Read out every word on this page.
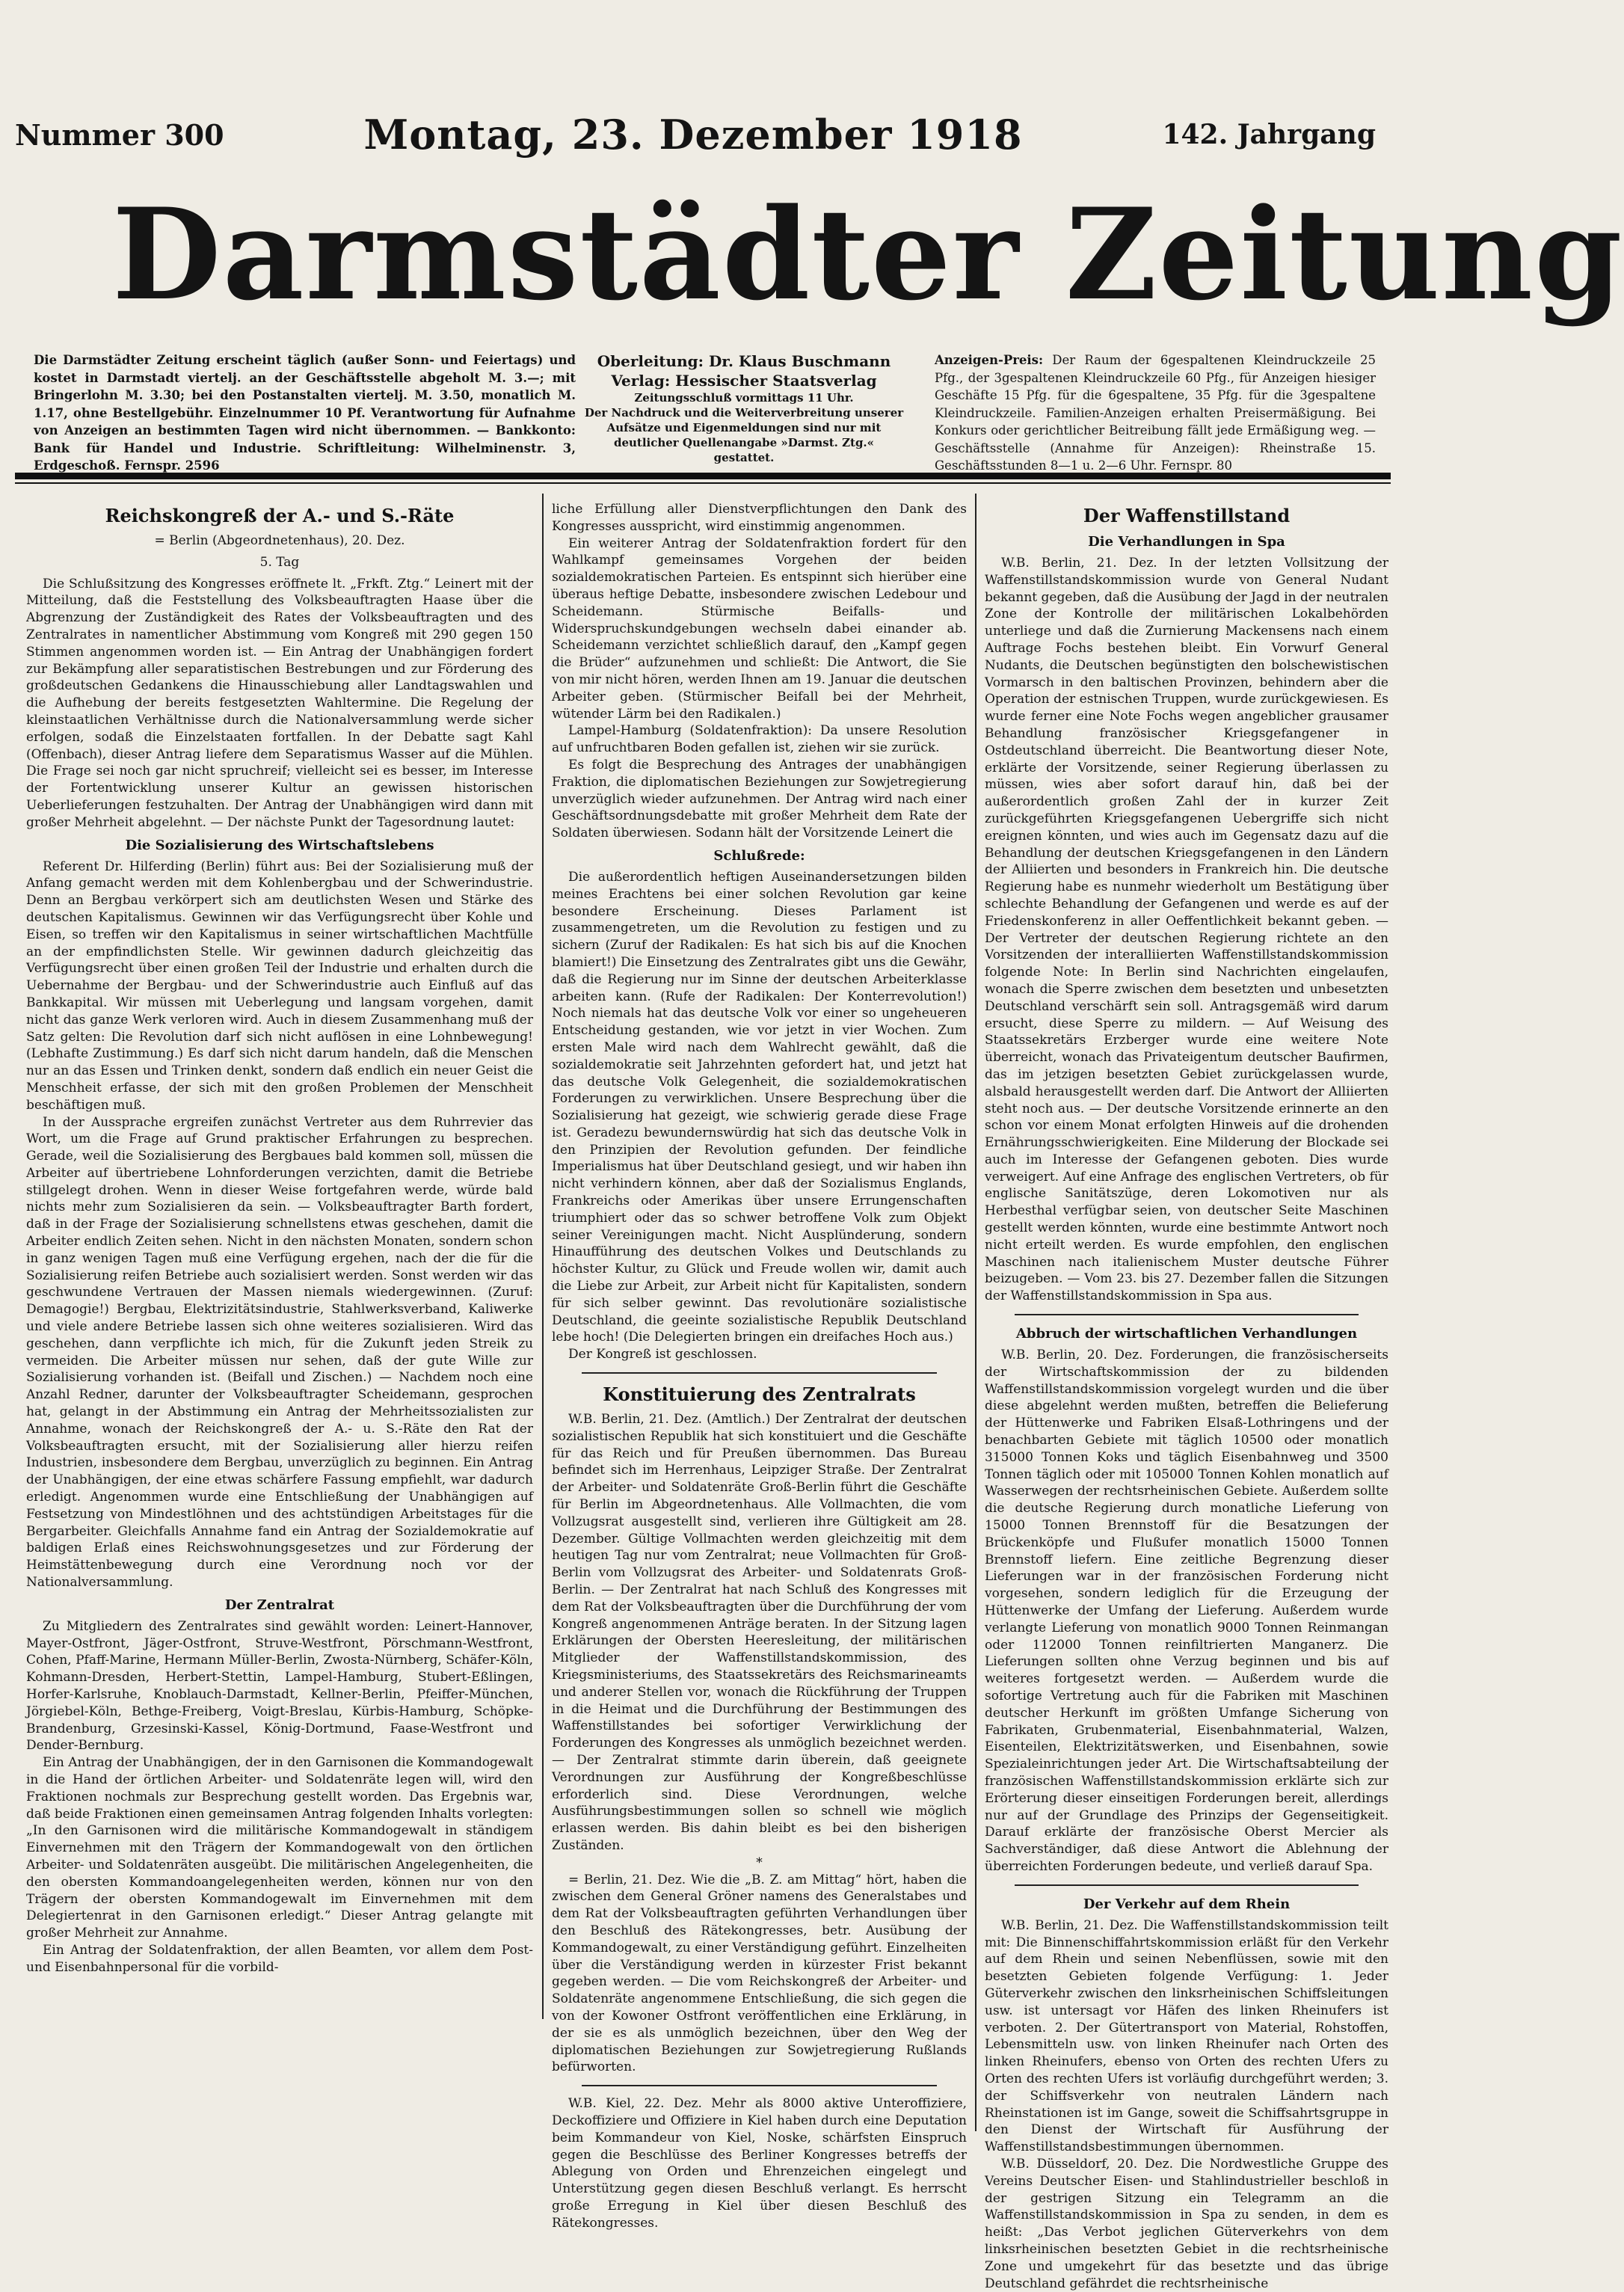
Nummer 300	Montag, 23. Dezember 1918	142. Jahrgang
Darmstädter Zeitung
Die Darmstädter Zeitung erscheint täglich (außer Sonn- und Feiertags) und kostet in Darmstadt viertelj. an der Geschäftsstelle abgeholt M. 3.—; mit Bringerlohn M. 3.30; bei den Postanstalten viertelj. M. 3.50, monatlich M. 1.17, ohne Bestellgebühr. Einzelnummer 10 Pf. Verantwortung für Aufnahme von Anzeigen an bestimmten Tagen wird nicht übernommen. — Bankkonto: Bank für Handel und Industrie. Schriftleitung: Wilhelminenstr. 3, Erdgeschoß. Fernspr. 2596
Oberleitung: Dr. Klaus Buschmann
Verlag: Hessischer Staatsverlag
Zeitungsschluß vormittags 11 Uhr.
Der Nachdruck und die Weiterverbreitung unserer Aufsätze und Eigenmeldungen sind nur mit deutlicher Quellenangabe »Darmst. Ztg.« gestattet.
Anzeigen-Preis: Der Raum der 6gespaltenen Kleindruckzeile 25 Pfg., der 3gespaltenen Kleindruckzeile 60 Pfg., für Anzeigen hiesiger Geschäfte 15 Pfg. für die 6gespaltene, 35 Pfg. für die 3gespaltene Kleindruckzeile. Familien-Anzeigen erhalten Preisermäßigung. Bei Konkurs oder gerichtlicher Beitreibung fällt jede Ermäßigung weg. — Geschäftsstelle (Annahme für Anzeigen): Rheinstraße 15. Geschäftsstunden 8—1 u. 2—6 Uhr. Fernspr. 80
Reichskongreß der A.- und S.-Räte
= Berlin (Abgeordnetenhaus), 20. Dez.
5. Tag

Die Schlußsitzung des Kongresses eröffnete lt. „Frkft. Ztg.“ Leinert mit der Mitteilung, daß die Feststellung des Volksbeauftragten Haase über die Abgrenzung der Zuständigkeit des Rates der Volksbeauftragten und des Zentralrates in namentlicher Abstimmung vom Kongreß mit 290 gegen 150 Stimmen angenommen worden ist. — Ein Antrag der Unabhängigen fordert zur Bekämpfung aller separatistischen Bestrebungen und zur Förderung des großdeutschen Gedankens die Hinausschiebung aller Landtagswahlen und die Aufhebung der bereits festgesetzten Wahltermine. Die Regelung der kleinstaatlichen Verhältnisse durch die Nationalversammlung werde sicher erfolgen, sodaß die Einzelstaaten fortfallen. In der Debatte sagt Kahl (Offenbach), dieser Antrag liefere dem Separatismus Wasser auf die Mühlen. Die Frage sei noch gar nicht spruchreif; vielleicht sei es besser, im Interesse der Fortentwicklung unserer Kultur an gewissen historischen Ueberlieferungen festzuhalten. Der Antrag der Unabhängigen wird dann mit großer Mehrheit abgelehnt. — Der nächste Punkt der Tagesordnung lautet:

Die Sozialisierung des Wirtschaftslebens

Referent Dr. Hilferding (Berlin) führt aus: Bei der Sozialisierung muß der Anfang gemacht werden mit dem Kohlenbergbau und der Schwerindustrie. Denn an Bergbau verkörpert sich am deutlichsten Wesen und Stärke des deutschen Kapitalismus. Gewinnen wir das Verfügungsrecht über Kohle und Eisen, so treffen wir den Kapitalismus in seiner wirtschaftlichen Machtfülle an der empfindlichsten Stelle. Wir gewinnen dadurch gleichzeitig das Verfügungsrecht über einen großen Teil der Industrie und erhalten durch die Uebernahme der Bergbau- und der Schwerindustrie auch Einfluß auf das Bankkapital. Wir müssen mit Ueberlegung und langsam vorgehen, damit nicht das ganze Werk verloren wird. Auch in diesem Zusammenhang muß der Satz gelten: Die Revolution darf sich nicht auflösen in eine Lohnbewegung! (Lebhafte Zustimmung.) Es darf sich nicht darum handeln, daß die Menschen nur an das Essen und Trinken denkt, sondern daß endlich ein neuer Geist die Menschheit erfasse, der sich mit den großen Problemen der Menschheit beschäftigen muß.

In der Aussprache ergreifen zunächst Vertreter aus dem Ruhrrevier das Wort, um die Frage auf Grund praktischer Erfahrungen zu besprechen. Gerade, weil die Sozialisierung des Bergbaues bald kommen soll, müssen die Arbeiter auf übertriebene Lohnforderungen verzichten, damit die Betriebe stillgelegt drohen. Wenn in dieser Weise fortgefahren werde, würde bald nichts mehr zum Sozialisieren da sein. — Volksbeauftragter Barth fordert, daß in der Frage der Sozialisierung schnellstens etwas geschehen, damit die Arbeiter endlich Zeiten sehen. Nicht in den nächsten Monaten, sondern schon in ganz wenigen Tagen muß eine Verfügung ergehen, nach der die für die Sozialisierung reifen Betriebe auch sozialisiert werden. Sonst werden wir das geschwundene Vertrauen der Massen niemals wiedergewinnen. (Zuruf: Demagogie!) Bergbau, Elektrizitätsindustrie, Stahlwerksverband, Kaliwerke und viele andere Betriebe lassen sich ohne weiteres sozialisieren. Wird das geschehen, dann verpflichte ich mich, für die Zukunft jeden Streik zu vermeiden. Die Arbeiter müssen nur sehen, daß der gute Wille zur Sozialisierung vorhanden ist. (Beifall und Zischen.) — Nachdem noch eine Anzahl Redner, darunter der Volksbeauftragter Scheidemann, gesprochen hat, gelangt in der Abstimmung ein Antrag der Mehrheitssozialisten zur Annahme, wonach der Reichskongreß der A.- u. S.-Räte den Rat der Volksbeauftragten ersucht, mit der Sozialisierung aller hierzu reifen Industrien, insbesondere dem Bergbau, unverzüglich zu beginnen. Ein Antrag der Unabhängigen, der eine etwas schärfere Fassung empfiehlt, war dadurch erledigt. Angenommen wurde eine Entschließung der Unabhängigen auf Festsetzung von Mindestlöhnen und des achtstündigen Arbeitstages für die Bergarbeiter. Gleichfalls Annahme fand ein Antrag der Sozialdemokratie auf baldigen Erlaß eines Reichswohnungsgesetzes und zur Förderung der Heimstättenbewegung durch eine Verordnung noch vor der Nationalversammlung.

Der Zentralrat

Zu Mitgliedern des Zentralrates sind gewählt worden: Leinert-Hannover, Mayer-Ostfront, Jäger-Ostfront, Struve-Westfront, Pörschmann-Westfront, Cohen, Pfaff-Marine, Hermann Müller-Berlin, Zwosta-Nürnberg, Schäfer-Köln, Kohmann-Dresden, Herbert-Stettin, Lampel-Hamburg, Stubert-Eßlingen, Horfer-Karlsruhe, Knoblauch-Darmstadt, Kellner-Berlin, Pfeiffer-München, Jörgiebel-Köln, Bethge-Freiberg, Voigt-Breslau, Kürbis-Hamburg, Schöpke-Brandenburg, Grzesinski-Kassel, König-Dortmund, Faase-Westfront und Dender-Bernburg.

Ein Antrag der Unabhängigen, der in den Garnisonen die Kommandogewalt in die Hand der örtlichen Arbeiter- und Soldatenräte legen will, wird den Fraktionen nochmals zur Besprechung gestellt worden. Das Ergebnis war, daß beide Fraktionen einen gemeinsamen Antrag folgenden Inhalts vorlegten: „In den Garnisonen wird die militärische Kommandogewalt in ständigem Einvernehmen mit den Trägern der Kommandogewalt von den örtlichen Arbeiter- und Soldatenräten ausgeübt. Die militärischen Angelegenheiten, die den obersten Kommandoangelegenheiten werden, können nur von den Trägern der obersten Kommandogewalt im Einvernehmen mit dem Delegiertenrat in den Garnisonen erledigt.“ Dieser Antrag gelangte mit großer Mehrheit zur Annahme.

Ein Antrag der Soldatenfraktion, der allen Beamten, vor allem dem Post- und Eisenbahnpersonal für die vorbild-

liche Erfüllung aller Dienstverpflichtungen den Dank des Kongresses ausspricht, wird einstimmig angenommen.

Ein weiterer Antrag der Soldatenfraktion fordert für den Wahlkampf gemeinsames Vorgehen der beiden sozialdemokratischen Parteien. Es entspinnt sich hierüber eine überaus heftige Debatte, insbesondere zwischen Ledebour und Scheidemann. Stürmische Beifalls- und Widerspruchskundgebungen wechseln dabei einander ab. Scheidemann verzichtet schließlich darauf, den „Kampf gegen die Brüder“ aufzunehmen und schließt: Die Antwort, die Sie von mir nicht hören, werden Ihnen am 19. Januar die deutschen Arbeiter geben. (Stürmischer Beifall bei der Mehrheit, wütender Lärm bei den Radikalen.)

Lampel-Hamburg (Soldatenfraktion): Da unsere Resolution auf unfruchtbaren Boden gefallen ist, ziehen wir sie zurück.

Es folgt die Besprechung des Antrages der unabhängigen Fraktion, die diplomatischen Beziehungen zur Sowjetregierung unverzüglich wieder aufzunehmen. Der Antrag wird nach einer Geschäftsordnungsdebatte mit großer Mehrheit dem Rate der Soldaten überwiesen. Sodann hält der Vorsitzende Leinert die

Schlußrede:

Die außerordentlich heftigen Auseinandersetzungen bilden meines Erachtens bei einer solchen Revolution gar keine besondere Erscheinung. Dieses Parlament ist zusammengetreten, um die Revolution zu festigen und zu sichern (Zuruf der Radikalen: Es hat sich bis auf die Knochen blamiert!) Die Einsetzung des Zentralrates gibt uns die Gewähr, daß die Regierung nur im Sinne der deutschen Arbeiterklasse arbeiten kann. (Rufe der Radikalen: Der Konterrevolution!) Noch niemals hat das deutsche Volk vor einer so ungeheueren Entscheidung gestanden, wie vor jetzt in vier Wochen. Zum ersten Male wird nach dem Wahlrecht gewählt, daß die sozialdemokratie seit Jahrzehnten gefordert hat, und jetzt hat das deutsche Volk Gelegenheit, die sozialdemokratischen Forderungen zu verwirklichen. Unsere Besprechung über die Sozialisierung hat gezeigt, wie schwierig gerade diese Frage ist. Geradezu bewundernswürdig hat sich das deutsche Volk in den Prinzipien der Revolution gefunden. Der feindliche Imperialismus hat über Deutschland gesiegt, und wir haben ihn nicht verhindern können, aber daß der Sozialismus Englands, Frankreichs oder Amerikas über unsere Errungenschaften triumphiert oder das so schwer betroffene Volk zum Objekt seiner Vereinigungen macht. Nicht Ausplünderung, sondern Hinaufführung des deutschen Volkes und Deutschlands zu höchster Kultur, zu Glück und Freude wollen wir, damit auch die Liebe zur Arbeit, zur Arbeit nicht für Kapitalisten, sondern für sich selber gewinnt. Das revolutionäre sozialistische Deutschland, die geeinte sozialistische Republik Deutschland lebe hoch! (Die Delegierten bringen ein dreifaches Hoch aus.)

Der Kongreß ist geschlossen.

Konstituierung des Zentralrats

W.B. Berlin, 21. Dez. (Amtlich.) Der Zentralrat der deutschen sozialistischen Republik hat sich konstituiert und die Geschäfte für das Reich und für Preußen übernommen. Das Bureau befindet sich im Herrenhaus, Leipziger Straße. Der Zentralrat der Arbeiter- und Soldatenräte Groß-Berlin führt die Geschäfte für Berlin im Abgeordnetenhaus. Alle Vollmachten, die vom Vollzugsrat ausgestellt sind, verlieren ihre Gültigkeit am 28. Dezember. Gültige Vollmachten werden gleichzeitig mit dem heutigen Tag nur vom Zentralrat; neue Vollmachten für Groß-Berlin vom Vollzugsrat des Arbeiter- und Soldatenrats Groß-Berlin. — Der Zentralrat hat nach Schluß des Kongresses mit dem Rat der Volksbeauftragten über die Durchführung der vom Kongreß angenommenen Anträge beraten. In der Sitzung lagen Erklärungen der Obersten Heeresleitung, der militärischen Mitglieder der Waffenstillstandskommission, des Kriegsministeriums, des Staatssekretärs des Reichsmarineamts und anderer Stellen vor, wonach die Rückführung der Truppen in die Heimat und die Durchführung der Bestimmungen des Waffenstillstandes bei sofortiger Verwirklichung der Forderungen des Kongresses als unmöglich bezeichnet werden. — Der Zentralrat stimmte darin überein, daß geeignete Verordnungen zur Ausführung der Kongreßbeschlüsse erforderlich sind. Diese Verordnungen, welche Ausführungsbestimmungen sollen so schnell wie möglich erlassen werden. Bis dahin bleibt es bei den bisherigen Zuständen.

*

= Berlin, 21. Dez. Wie die „B. Z. am Mittag“ hört, haben die zwischen dem General Gröner namens des Generalstabes und dem Rat der Volksbeauftragten geführten Verhandlungen über den Beschluß des Rätekongresses, betr. Ausübung der Kommandogewalt, zu einer Verständigung geführt. Einzelheiten über die Verständigung werden in kürzester Frist bekannt gegeben werden. — Die vom Reichskongreß der Arbeiter- und Soldatenräte angenommene Entschließung, die sich gegen die von der Kowoner Ostfront veröffentlichen eine Erklärung, in der sie es als unmöglich bezeichnen, über den Weg der diplomatischen Beziehungen zur Sowjetregierung Rußlands befürworten.

W.B. Kiel, 22. Dez. Mehr als 8000 aktive Unteroffiziere, Deckoffiziere und Offiziere in Kiel haben durch eine Deputation beim Kommandeur von Kiel, Noske, schärfsten Einspruch gegen die Beschlüsse des Berliner Kongresses betreffs der Ablegung von Orden und Ehrenzeichen eingelegt und Unterstützung gegen diesen Beschluß verlangt. Es herrscht große Erregung in Kiel über diesen Beschluß des Rätekongresses.

Der Waffenstillstand
Die Verhandlungen in Spa

W.B. Berlin, 21. Dez. In der letzten Vollsitzung der Waffenstillstandskommission wurde von General Nudant bekannt gegeben, daß die Ausübung der Jagd in der neutralen Zone der Kontrolle der militärischen Lokalbehörden unterliege und daß die Zurnierung Mackensens nach einem Auftrage Fochs bestehen bleibt. Ein Vorwurf General Nudants, die Deutschen begünstigten den bolschewistischen Vormarsch in den baltischen Provinzen, behindern aber die Operation der estnischen Truppen, wurde zurückgewiesen. Es wurde ferner eine Note Fochs wegen angeblicher grausamer Behandlung französischer Kriegsgefangener in Ostdeutschland überreicht. Die Beantwortung dieser Note, erklärte der Vorsitzende, seiner Regierung überlassen zu müssen, wies aber sofort darauf hin, daß bei der außerordentlich großen Zahl der in kurzer Zeit zurückgeführten Kriegsgefangenen Uebergriffe sich nicht ereignen könnten, und wies auch im Gegensatz dazu auf die Behandlung der deutschen Kriegsgefangenen in den Ländern der Alliierten und besonders in Frankreich hin. Die deutsche Regierung habe es nunmehr wiederholt um Bestätigung über schlechte Behandlung der Gefangenen und werde es auf der Friedenskonferenz in aller Oeffentlichkeit bekannt geben. — Der Vertreter der deutschen Regierung richtete an den Vorsitzenden der interalliierten Waffenstillstandskommission folgende Note: In Berlin sind Nachrichten eingelaufen, wonach die Sperre zwischen dem besetzten und unbesetzten Deutschland verschärft sein soll. Antragsgemäß wird darum ersucht, diese Sperre zu mildern. — Auf Weisung des Staatssekretärs Erzberger wurde eine weitere Note überreicht, wonach das Privateigentum deutscher Baufirmen, das im jetzigen besetzten Gebiet zurückgelassen wurde, alsbald herausgestellt werden darf. Die Antwort der Alliierten steht noch aus. — Der deutsche Vorsitzende erinnerte an den schon vor einem Monat erfolgten Hinweis auf die drohenden Ernährungsschwierigkeiten. Eine Milderung der Blockade sei auch im Interesse der Gefangenen geboten. Dies wurde verweigert. Auf eine Anfrage des englischen Vertreters, ob für englische Sanitätszüge, deren Lokomotiven nur als Herbesthal verfügbar seien, von deutscher Seite Maschinen gestellt werden könnten, wurde eine bestimmte Antwort noch nicht erteilt werden. Es wurde empfohlen, den englischen Maschinen nach italienischem Muster deutsche Führer beizugeben. — Vom 23. bis 27. Dezember fallen die Sitzungen der Waffenstillstandskommission in Spa aus.

Abbruch der wirtschaftlichen Verhandlungen

W.B. Berlin, 20. Dez. Forderungen, die französischerseits der Wirtschaftskommission der zu bildenden Waffenstillstandskommission vorgelegt wurden und die über diese abgelehnt werden mußten, betreffen die Belieferung der Hüttenwerke und Fabriken Elsaß-Lothringens und der benachbarten Gebiete mit täglich 10500 oder monatlich 315000 Tonnen Koks und täglich Eisenbahnweg und 3500 Tonnen täglich oder mit 105000 Tonnen Kohlen monatlich auf Wasserwegen der rechtsrheinischen Gebiete. Außerdem sollte die deutsche Regierung durch monatliche Lieferung von 15000 Tonnen Brennstoff für die Besatzungen der Brückenköpfe und Flußufer monatlich 15000 Tonnen Brennstoff liefern. Eine zeitliche Begrenzung dieser Lieferungen war in der französischen Forderung nicht vorgesehen, sondern lediglich für die Erzeugung der Hüttenwerke der Umfang der Lieferung. Außerdem wurde verlangte Lieferung von monatlich 9000 Tonnen Reinmangan oder 112000 Tonnen reinfiltrierten Manganerz. Die Lieferungen sollten ohne Verzug beginnen und bis auf weiteres fortgesetzt werden. — Außerdem wurde die sofortige Vertretung auch für die Fabriken mit Maschinen deutscher Herkunft im größten Umfange Sicherung von Fabrikaten, Grubenmaterial, Eisenbahnmaterial, Walzen, Eisenteilen, Elektrizitätswerken, und Eisenbahnen, sowie Spezialeinrichtungen jeder Art. Die Wirtschaftsabteilung der französischen Waffenstillstandskommission erklärte sich zur Erörterung dieser einseitigen Forderungen bereit, allerdings nur auf der Grundlage des Prinzips der Gegenseitigkeit. Darauf erklärte der französische Oberst Mercier als Sachverständiger, daß diese Antwort die Ablehnung der überreichten Forderungen bedeute, und verließ darauf Spa.

Der Verkehr auf dem Rhein

W.B. Berlin, 21. Dez. Die Waffenstillstandskommission teilt mit: Die Binnenschiffahrtskommission erläßt für den Verkehr auf dem Rhein und seinen Nebenflüssen, sowie mit den besetzten Gebieten folgende Verfügung: 1. Jeder Güterverkehr zwischen den linksrheinischen Schiffsleitungen usw. ist untersagt vor Häfen des linken Rheinufers ist verboten. 2. Der Gütertransport von Material, Rohstoffen, Lebensmitteln usw. von linken Rheinufer nach Orten des linken Rheinufers, ebenso von Orten des rechten Ufers zu Orten des rechten Ufers ist vorläufig durchgeführt werden; 3. der Schiffsverkehr von neutralen Ländern nach Rheinstationen ist im Gange, soweit die Schiffsahrtsgruppe in den Dienst der Wirtschaft für Ausführung der Waffenstillstandsbestimmungen übernommen.

W.B. Düsseldorf, 20. Dez. Die Nordwestliche Gruppe des Vereins Deutscher Eisen- und Stahlindustrieller beschloß in der gestrigen Sitzung ein Telegramm an die Waffenstillstandskommission in Spa zu senden, in dem es heißt: „Das Verbot jeglichen Güterverkehrs von dem linksrheinischen besetzten Gebiet in die rechtsrheinische Zone und umgekehrt für das besetzte und das übrige Deutschland gefährdet die rechtsrheinische
